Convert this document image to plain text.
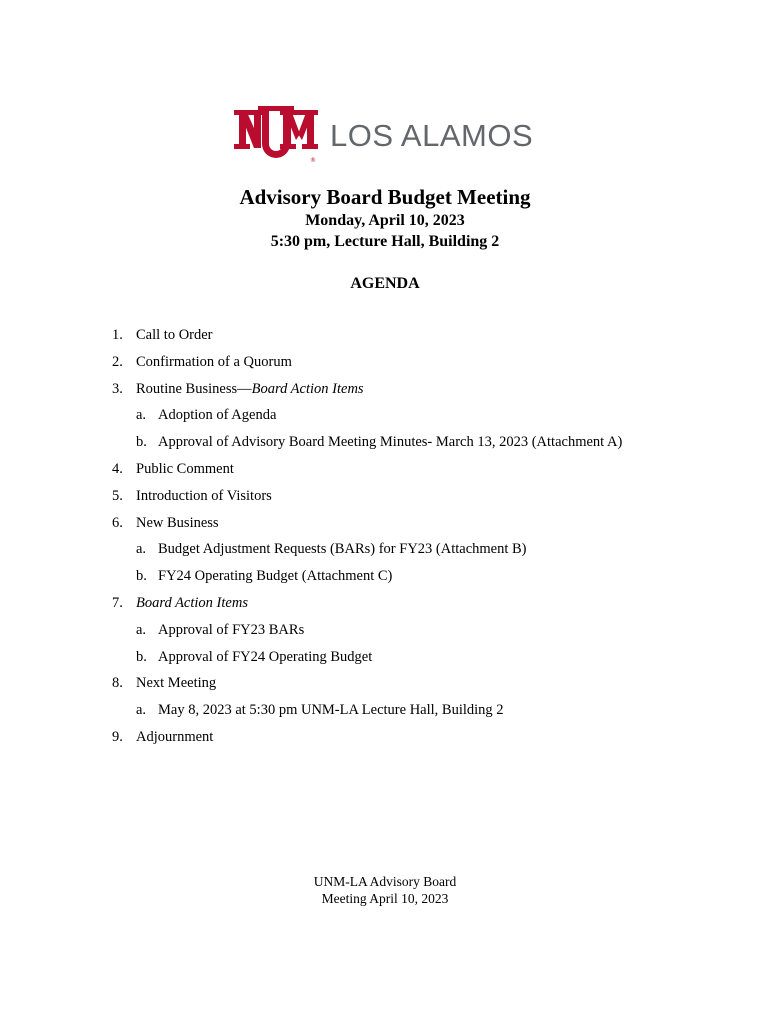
®
LOS ALAMOS
Advisory Board Budget Meeting
Monday, April 10, 2023
5:30 pm, Lecture Hall, Building 2
AGENDA
1. Call to Order
2. Confirmation of a Quorum
3. Routine Business—Board Action Items
a. Adoption of Agenda
b. Approval of Advisory Board Meeting Minutes- March 13, 2023 (Attachment A)
4. Public Comment
5. Introduction of Visitors
6. New Business
a. Budget Adjustment Requests (BARs) for FY23 (Attachment B)
b. FY24 Operating Budget (Attachment C)
7. Board Action Items
a. Approval of FY23 BARs
b. Approval of FY24 Operating Budget
8. Next Meeting
a. May 8, 2023 at 5:30 pm UNM-LA Lecture Hall, Building 2
9. Adjournment
UNM-LA Advisory Board
Meeting April 10, 2023
